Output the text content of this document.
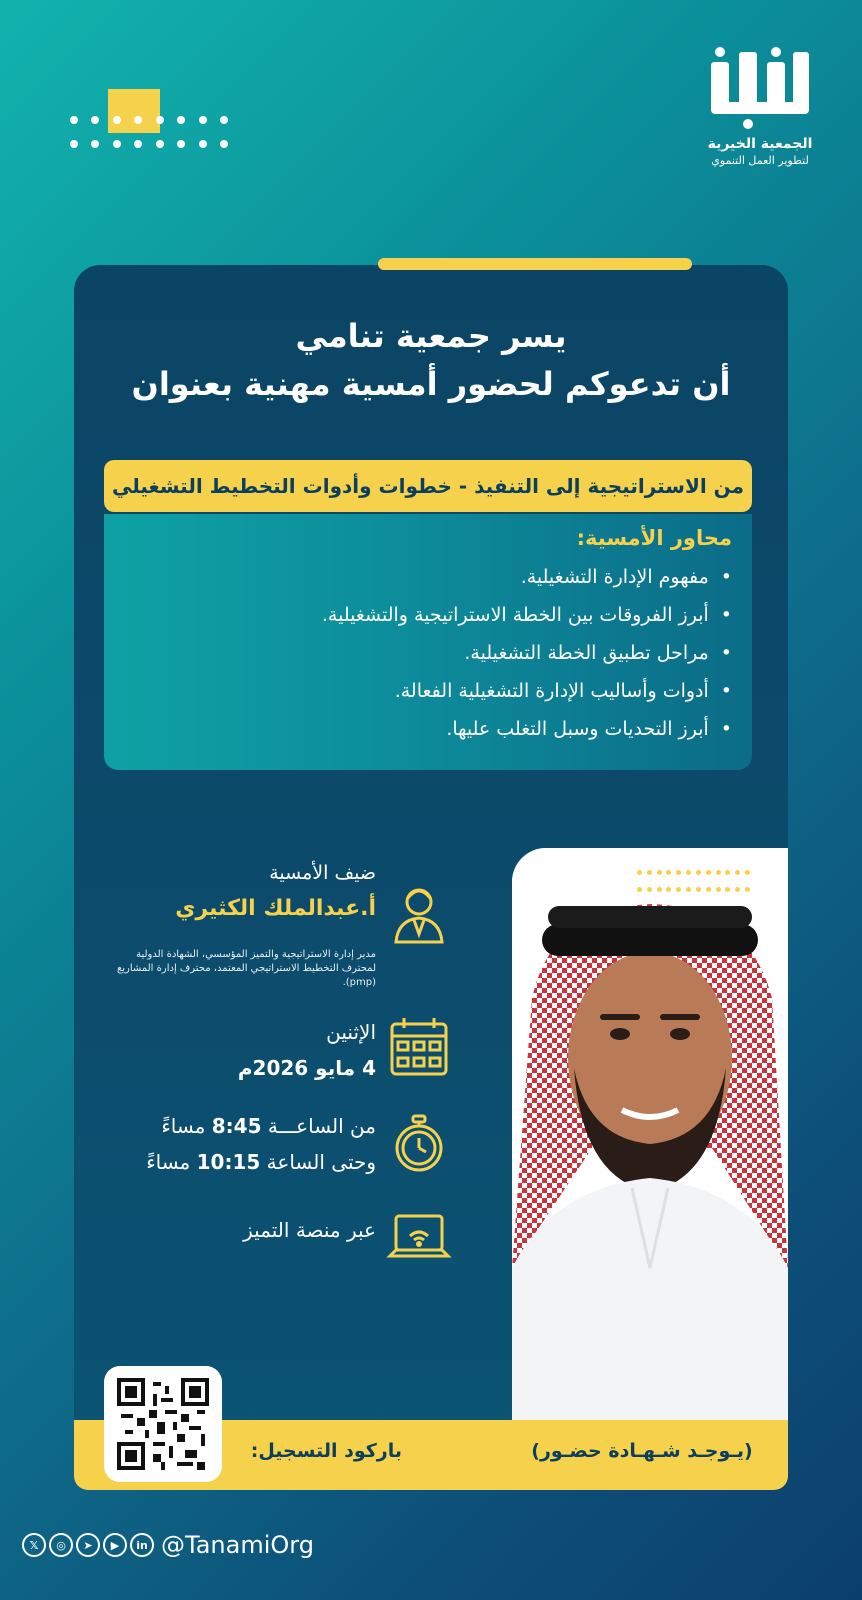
الجمعية الخيرية
لتطوير العمل التنموي
يسر جمعية تنامي
أن تدعوكم لحضور أمسية مهنية بعنوان
من الاستراتيجية إلى التنفيذ - خطوات وأدوات التخطيط التشغيلي
محاور الأمسية:
• مفهوم الإدارة التشغيلية.
• أبرز الفروقات بين الخطة الاستراتيجية والتشغيلية.
• مراحل تطبيق الخطة التشغيلية.
• أدوات وأساليب الإدارة التشغيلية الفعالة.
• أبرز التحديات وسبل التغلب عليها.
ضيف الأمسية
أ.عبدالملك الكثيري
مدير إدارة الاستراتيجية والتميز المؤسسي، الشهادة الدولية لمحترف التخطيط الاستراتيجي المعتمد، محترف إدارة المشاريع (pmp).
الإثنين
4 مايو 2026م
من الساعـــة 8:45 مساءً
وحتى الساعة 10:15 مساءً
عبر منصة التميز
(يـوجـد شـهـادة حضـور)
باركود التسجيل:
𝕏	◎	➤	▶	in @TanamiOrg
